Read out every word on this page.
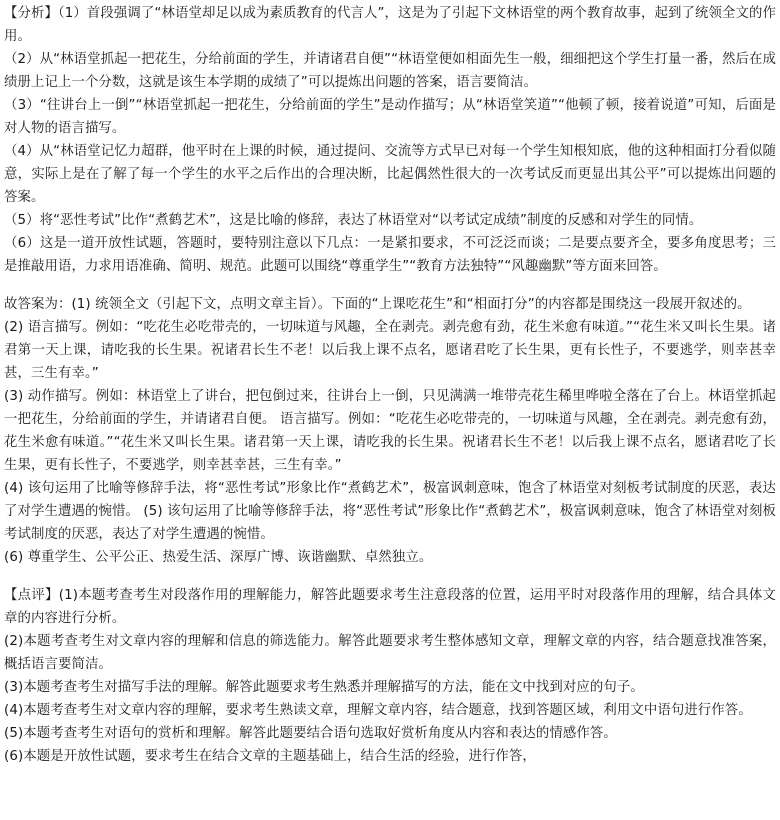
【分析】（1）首段强调了“林语堂却足以成为素质教育的代言人”，这是为了引起下文林语堂的两个教育故事，起到了统领全文的作用。

（2）从“林语堂抓起一把花生，分给前面的学生，并请诸君自便”“林语堂便如相面先生一般，细细把这个学生打量一番，然后在成绩册上记上一个分数，这就是该生本学期的成绩了”可以提炼出问题的答案，语言要简洁。

（3）“往讲台上一倒”“林语堂抓起一把花生，分给前面的学生”是动作描写；从“林语堂笑道”“他顿了顿，接着说道”可知，后面是对人物的语言描写。

（4）从“林语堂记忆力超群，他平时在上课的时候，通过提问、交流等方式早已对每一个学生知根知底，他的这种相面打分看似随意，实际上是在了解了每一个学生的水平之后作出的合理决断，比起偶然性很大的一次考试反而更显出其公平”可以提炼出问题的答案。

（5）将“恶性考试”比作“煮鹤艺术”，这是比喻的修辞，表达了林语堂对“以考试定成绩”制度的反感和对学生的同情。

（6）这是一道开放性试题，答题时，要特别注意以下几点：一是紧扣要求，不可泛泛而谈；二是要点要齐全，要多角度思考；三是推敲用语，力求用语准确、简明、规范。此题可以围绕“尊重学生”“教育方法独特”“风趣幽默”等方面来回答。

故答案为：(1) 统领全文（引起下文，点明文章主旨）。下面的“上课吃花生”和“相面打分”的内容都是围绕这一段展开叙述的。

(2) 语言描写。例如：“吃花生必吃带壳的，一切味道与风趣，全在剥壳。剥壳愈有劲，花生米愈有味道。”“花生米又叫长生果。诸君第一天上课，请吃我的长生果。祝诸君长生不老！以后我上课不点名，愿诸君吃了长生果，更有长性子，不要逃学，则幸甚幸甚，三生有幸。”

(3) 动作描写。例如：林语堂上了讲台，把包倒过来，往讲台上一倒，只见满满一堆带壳花生稀里哗啦全落在了台上。林语堂抓起一把花生，分给前面的学生，并请诸君自便。 语言描写。例如：“吃花生必吃带壳的，一切味道与风趣，全在剥壳。剥壳愈有劲，花生米愈有味道。”“花生米又叫长生果。诸君第一天上课，请吃我的长生果。祝诸君长生不老！以后我上课不点名，愿诸君吃了长生果，更有长性子，不要逃学，则幸甚幸甚，三生有幸。”

(4) 该句运用了比喻等修辞手法，将“恶性考试”形象比作“煮鹤艺术”，极富讽刺意味，饱含了林语堂对刻板考试制度的厌恶，表达了对学生遭遇的惋惜。 (5) 该句运用了比喻等修辞手法，将“恶性考试”形象比作“煮鹤艺术”，极富讽刺意味，饱含了林语堂对刻板考试制度的厌恶，表达了对学生遭遇的惋惜。

(6) 尊重学生、公平公正、热爱生活、深厚广博、诙谐幽默、卓然独立。

【点评】(1)本题考查考生对段落作用的理解能力，解答此题要求考生注意段落的位置，运用平时对段落作用的理解，结合具体文章的内容进行分析。

(2)本题考查考生对文章内容的理解和信息的筛选能力。解答此题要求考生整体感知文章，理解文章的内容，结合题意找准答案，概括语言要简洁。

(3)本题考查考生对描写手法的理解。解答此题要求考生熟悉并理解描写的方法，能在文中找到对应的句子。

(4)本题考查考生对文章内容的理解，要求考生熟读文章，理解文章内容，结合题意，找到答题区域，利用文中语句进行作答。

(5)本题考查考生对语句的赏析和理解。解答此题要结合语句选取好赏析角度从内容和表达的情感作答。

(6)本题是开放性试题，要求考生在结合文章的主题基础上，结合生活的经验，进行作答，
